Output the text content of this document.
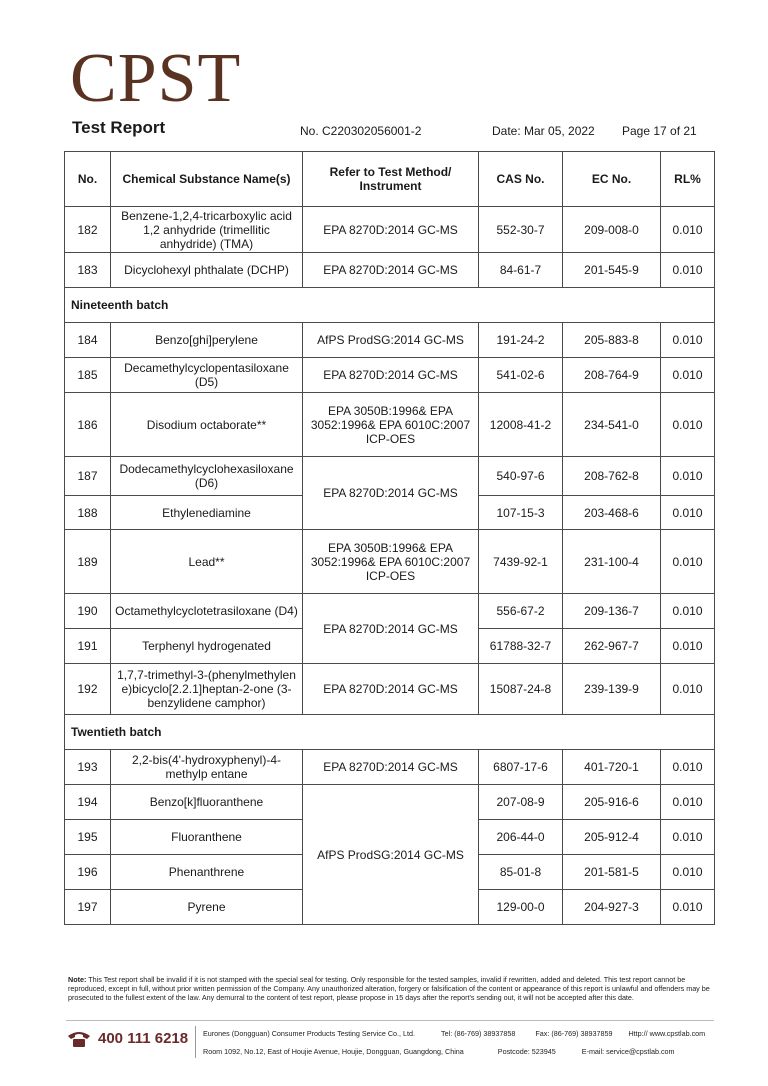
CPST
Test Report	No. C220302056001-2	Date: Mar 05, 2022 Page 17 of 21
No.	Chemical Substance Name(s)	Refer to Test Method/ Instrument	CAS No.	EC No.	RL%
182	Benzene-1,2,4-tricarboxylic acid 1,2 anhydride (trimellitic anhydride) (TMA)	EPA 8270D:2014 GC-MS	552-30-7	209-008-0	0.010
183	Dicyclohexyl phthalate (DCHP)	EPA 8270D:2014 GC-MS	84-61-7	201-545-9	0.010
Nineteenth batch					
184	Benzo[ghi]perylene	AfPS ProdSG:2014 GC-MS	191-24-2	205-883-8	0.010
185	Decamethylcyclopentasiloxane (D5)	EPA 8270D:2014 GC-MS	541-02-6	208-764-9	0.010
186	Disodium octaborate**	EPA 3050B:1996& EPA 3052:1996& EPA 6010C:2007 ICP-OES	12008-41-2	234-541-0	0.010
187	Dodecamethylcyclohexasiloxane (D6)	EPA 8270D:2014 GC-MS	540-97-6	208-762-8	0.010
188	Ethylenediamine		107-15-3	203-468-6	0.010
189	Lead**	EPA 3050B:1996& EPA 3052:1996& EPA 6010C:2007 ICP-OES	7439-92-1	231-100-4	0.010
190	Octamethylcyclotetrasiloxane (D4)	EPA 8270D:2014 GC-MS	556-67-2	209-136-7	0.010
191	Terphenyl hydrogenated		61788-32-7	262-967-7	0.010
192	1,7,7-trimethyl-3-(phenylmethylen e)bicyclo[2.2.1]heptan-2-one (3-benzylidene camphor)	EPA 8270D:2014 GC-MS	15087-24-8	239-139-9	0.010
Twentieth batch					
193	2,2-bis(4'-hydroxyphenyl)-4-methylp entane	EPA 8270D:2014 GC-MS	6807-17-6	401-720-1	0.010
194	Benzo[k]fluoranthene	AfPS ProdSG:2014 GC-MS	207-08-9	205-916-6	0.010
195	Fluoranthene		206-44-0	205-912-4	0.010
196	Phenanthrene		85-01-8	201-581-5	0.010
197	Pyrene		129-00-0	204-927-3	0.010
Note: This Test report shall be invalid if it is not stamped with the special seal for testing. Only responsible for the tested samples, invalid if rewritten, added and deleted. This test report cannot be reproduced, except in full, without prior written permission of the Company. Any unauthorized alteration, forgery or falsification of the content or appearance of this report is unlawful and offenders may be prosecuted to the fullest extent of the law. Any demurral to the content of test report, please propose in 15 days after the report's sending out, it will not be accepted after this date.
400 111 6218 Eurones (Dongguan) Consumer Products Testing Service Co., Ltd.	Tel: (86-769) 38937858	Fax: (86-769) 38937859 Http:// www.cpstlab.com
Room 1092, No.12, East of Houjie Avenue, Houjie, Dongguan, Guangdong, China	Postcode: 523945	E-mail: service@cpstlab.com
